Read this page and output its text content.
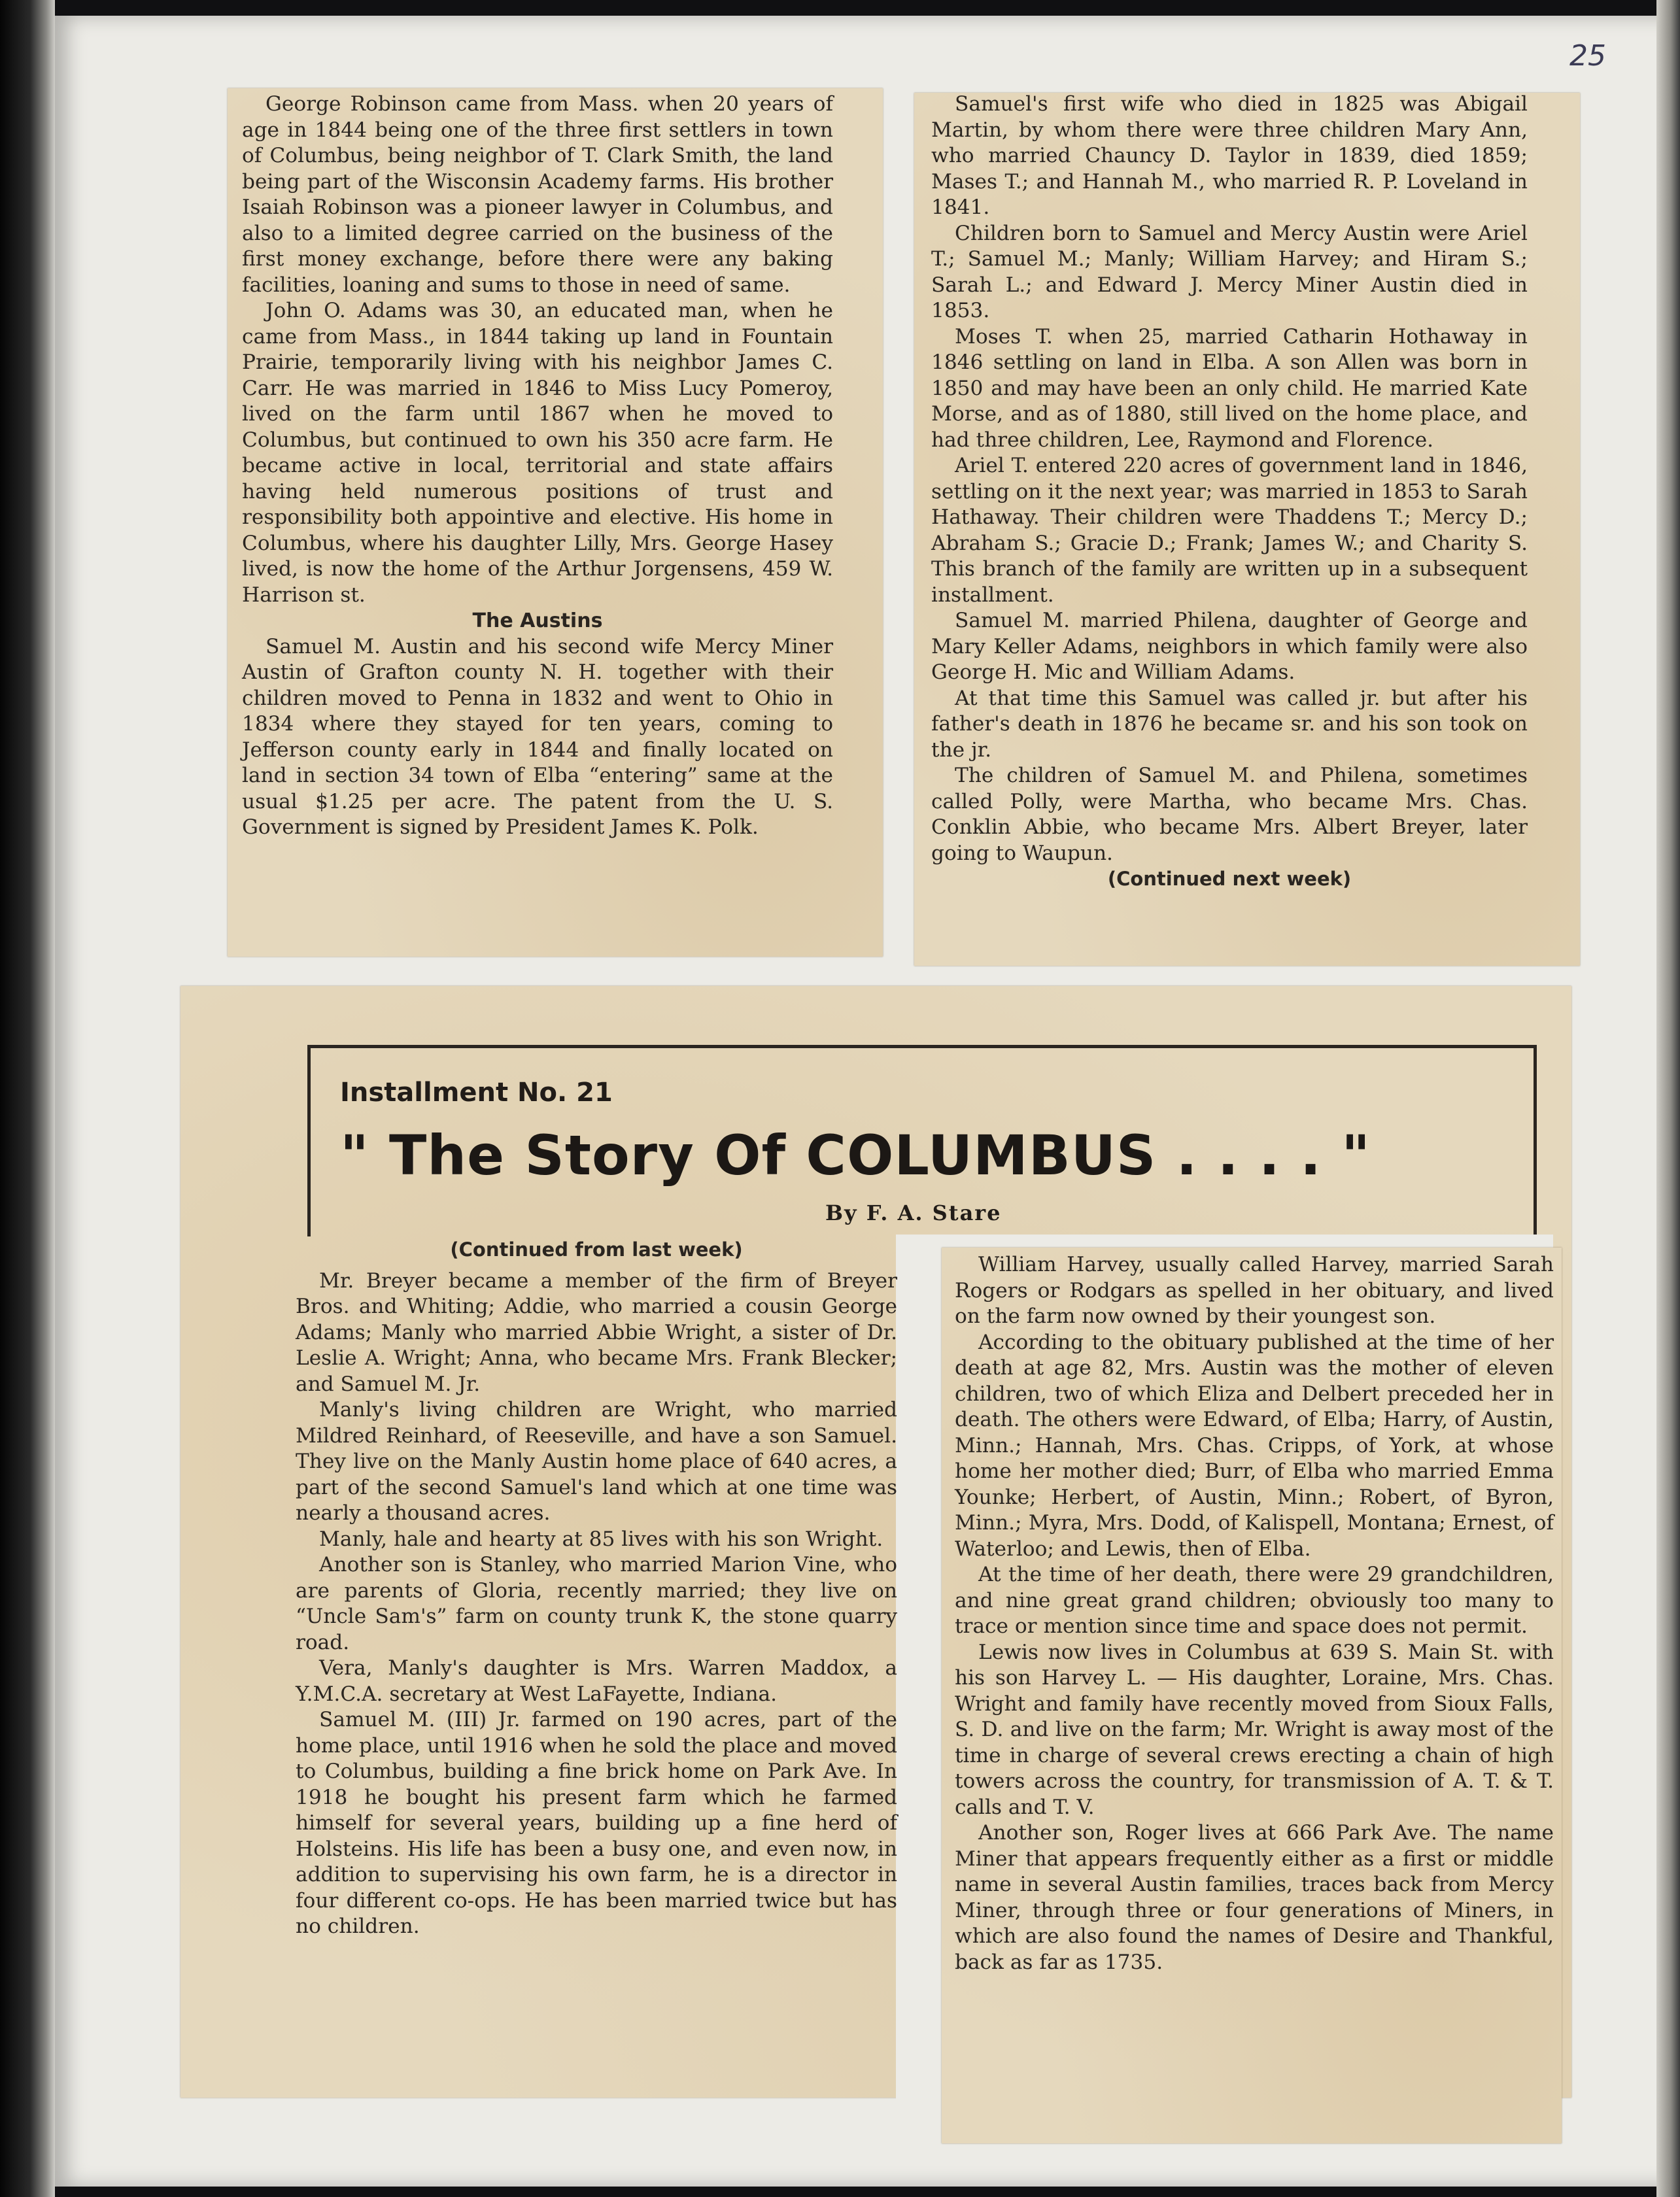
25

George Robinson came from Mass. when 20 years of age in 1844 being one of the three first settlers in town of Columbus, being neighbor of T. Clark Smith, the land being part of the Wisconsin Academy farms. His brother Isaiah Robinson was a pioneer lawyer in Columbus, and also to a limited degree carried on the business of the first money exchange, before there were any baking facilities, loaning and sums to those in need of same.

John O. Adams was 30, an educated man, when he came from Mass., in 1844 taking up land in Fountain Prairie, temporarily living with his neighbor James C. Carr. He was married in 1846 to Miss Lucy Pomeroy, lived on the farm until 1867 when he moved to Columbus, but continued to own his 350 acre farm. He became active in local, territorial and state affairs having held numerous positions of trust and responsibility both appointive and elective. His home in Columbus, where his daughter Lilly, Mrs. George Hasey lived, is now the home of the Arthur Jorgensens, 459 W. Harrison st.

The Austins

Samuel M. Austin and his second wife Mercy Miner Austin of Grafton county N. H. together with their children moved to Penna in 1832 and went to Ohio in 1834 where they stayed for ten years, coming to Jefferson county early in 1844 and finally located on land in section 34 town of Elba “entering” same at the usual $1.25 per acre. The patent from the U. S. Government is signed by President James K. Polk.

Samuel's first wife who died in 1825 was Abigail Martin, by whom there were three children Mary Ann, who married Chauncy D. Taylor in 1839, died 1859; Mases T.; and Hannah M., who married R. P. Loveland in 1841.

Children born to Samuel and Mercy Austin were Ariel T.; Samuel M.; Manly; William Harvey; and Hiram S.; Sarah L.; and Edward J. Mercy Miner Austin died in 1853.

Moses T. when 25, married Catharin Hothaway in 1846 settling on land in Elba. A son Allen was born in 1850 and may have been an only child. He married Kate Morse, and as of 1880, still lived on the home place, and had three children, Lee, Raymond and Florence.

Ariel T. entered 220 acres of government land in 1846, settling on it the next year; was married in 1853 to Sarah Hathaway. Their children were Thaddens T.; Mercy D.; Abraham S.; Gracie D.; Frank; James W.; and Charity S. This branch of the family are written up in a subsequent installment.

Samuel M. married Philena, daughter of George and Mary Keller Adams, neighbors in which family were also George H. Mic and William Adams.

At that time this Samuel was called jr. but after his father's death in 1876 he became sr. and his son took on the jr.

The children of Samuel M. and Philena, sometimes called Polly, were Martha, who became Mrs. Chas. Conklin Abbie, who became Mrs. Albert Breyer, later going to Waupun.

(Continued next week)

Installment No. 21
" The Story Of COLUMBUS . . . . "
By F. A. Stare

(Continued from last week)

Mr. Breyer became a member of the firm of Breyer Bros. and Whiting; Addie, who married a cousin George Adams; Manly who married Abbie Wright, a sister of Dr. Leslie A. Wright; Anna, who became Mrs. Frank Blecker; and Samuel M. Jr.

Manly's living children are Wright, who married Mildred Reinhard, of Reeseville, and have a son Samuel. They live on the Manly Austin home place of 640 acres, a part of the second Samuel's land which at one time was nearly a thousand acres.

Manly, hale and hearty at 85 lives with his son Wright.

Another son is Stanley, who married Marion Vine, who are parents of Gloria, recently married; they live on “Uncle Sam's” farm on county trunk K, the stone quarry road.

Vera, Manly's daughter is Mrs. Warren Maddox, a Y.M.C.A. secretary at West LaFayette, Indiana.

Samuel M. (III) Jr. farmed on 190 acres, part of the home place, until 1916 when he sold the place and moved to Columbus, building a fine brick home on Park Ave. In 1918 he bought his present farm which he farmed himself for several years, building up a fine herd of Holsteins. His life has been a busy one, and even now, in addition to supervising his own farm, he is a director in four different co-ops. He has been married twice but has no children.

William Harvey, usually called Harvey, married Sarah Rogers or Rodgars as spelled in her obituary, and lived on the farm now owned by their youngest son.

According to the obituary published at the time of her death at age 82, Mrs. Austin was the mother of eleven children, two of which Eliza and Delbert preceded her in death. The others were Edward, of Elba; Harry, of Austin, Minn.; Hannah, Mrs. Chas. Cripps, of York, at whose home her mother died; Burr, of Elba who married Emma Younke; Herbert, of Austin, Minn.; Robert, of Byron, Minn.; Myra, Mrs. Dodd, of Kalispell, Montana; Ernest, of Waterloo; and Lewis, then of Elba.

At the time of her death, there were 29 grandchildren, and nine great grand children; obviously too many to trace or mention since time and space does not permit.

Lewis now lives in Columbus at 639 S. Main St. with his son Harvey L. — His daughter, Loraine, Mrs. Chas. Wright and family have recently moved from Sioux Falls, S. D. and live on the farm; Mr. Wright is away most of the time in charge of several crews erecting a chain of high towers across the country, for transmission of A. T. & T. calls and T. V.

Another son, Roger lives at 666 Park Ave. The name Miner that appears frequently either as a first or middle name in several Austin families, traces back from Mercy Miner, through three or four generations of Miners, in which are also found the names of Desire and Thankful, back as far as 1735.
